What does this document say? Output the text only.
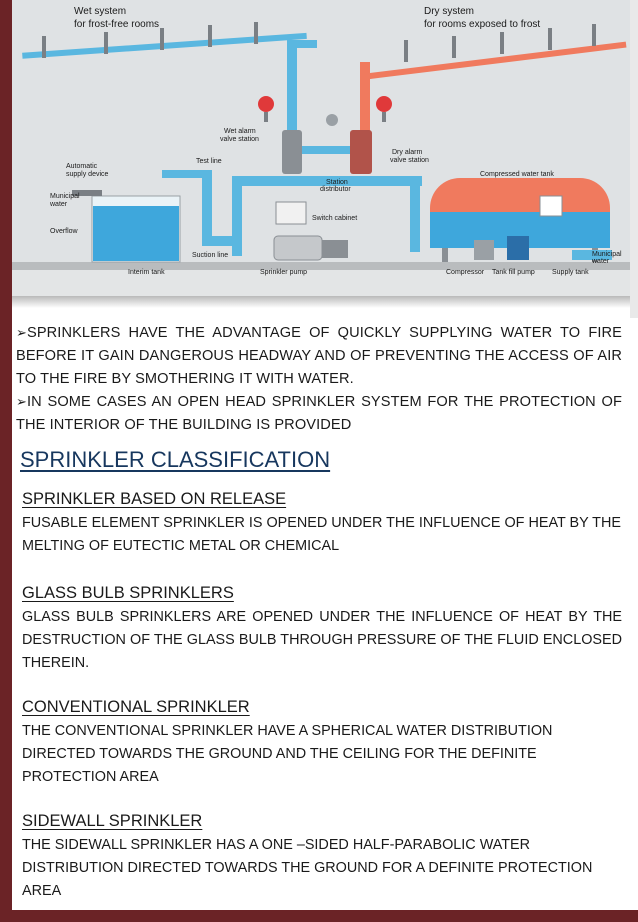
Wet system
for frost-free rooms
Dry system
for rooms exposed to frost
Wet alarm
valve station
Test line
Dry alarm
valve station
Automatic
supply device
Municipal
water
Overflow
Station
distributor
Switch cabinet
Compressed water tank
Suction line
Interim tank	Sprinkler pump	Compressor Tank fill pump Supply tank
Municipal
water

➢SPRINKLERS HAVE THE ADVANTAGE OF QUICKLY SUPPLYING WATER TO FIRE BEFORE IT GAIN DANGEROUS HEADWAY AND OF PREVENTING THE ACCESS OF AIR TO THE FIRE BY SMOTHERING IT WITH WATER.

➢IN SOME CASES AN OPEN HEAD SPRINKLER SYSTEM FOR THE PROTECTION OF THE INTERIOR OF THE BUILDING IS PROVIDED

SPRINKLER CLASSIFICATION
SPRINKLER BASED ON RELEASE
FUSABLE ELEMENT SPRINKLER IS OPENED UNDER THE INFLUENCE OF HEAT BY THE MELTING OF EUTECTIC METAL OR CHEMICAL
GLASS BULB SPRINKLERS
GLASS BULB SPRINKLERS ARE OPENED UNDER THE INFLUENCE OF HEAT BY THE DESTRUCTION OF THE GLASS BULB THROUGH PRESSURE OF THE FLUID ENCLOSED THEREIN.
CONVENTIONAL SPRINKLER
THE CONVENTIONAL SPRINKLER HAVE A SPHERICAL WATER DISTRIBUTION DIRECTED TOWARDS THE GROUND AND THE CEILING FOR THE DEFINITE PROTECTION AREA
SIDEWALL SPRINKLER
THE SIDEWALL SPRINKLER HAS A ONE –SIDED HALF-PARABOLIC WATER DISTRIBUTION DIRECTED TOWARDS THE GROUND FOR A DEFINITE PROTECTION AREA
